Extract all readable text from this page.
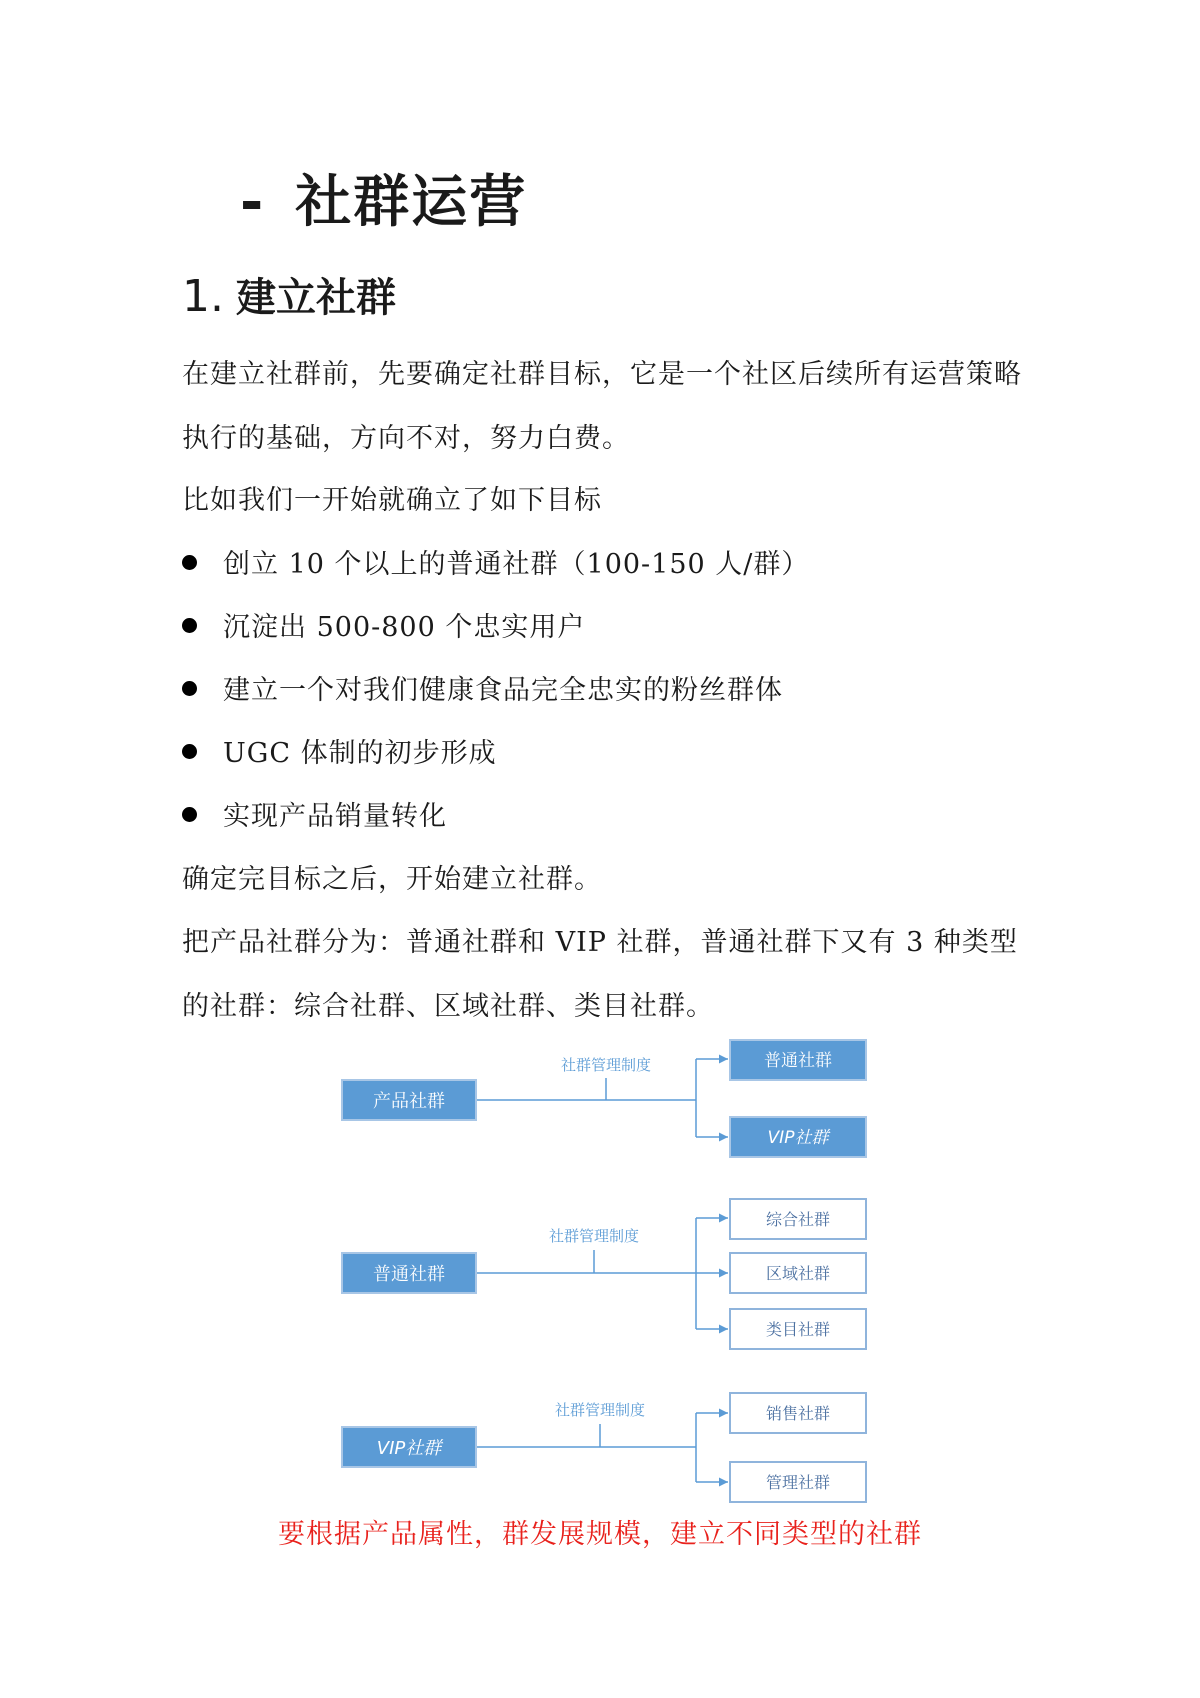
- 社群运营
1. 建立社群
在建立社群前，先要确定社群目标，它是一个社区后续所有运营策略
执行的基础，方向不对，努力白费。
比如我们一开始就确立了如下目标
创立 10 个以上的普通社群（100-150 人/群）
沉淀出 500-800 个忠实用户
建立一个对我们健康食品完全忠实的粉丝群体
UGC 体制的初步形成
实现产品销量转化
确定完目标之后，开始建立社群。
把产品社群分为：普通社群和 VIP 社群，普通社群下又有 3 种类型
的社群：综合社群、区域社群、类目社群。
产品社群
社群管理制度	普通社群
VIP社群
普通社群
社群管理制度
综合社群
区域社群
类目社群
VIP社群
社群管理制度	销售社群
管理社群
要根据产品属性，群发展规模，建立不同类型的社群
